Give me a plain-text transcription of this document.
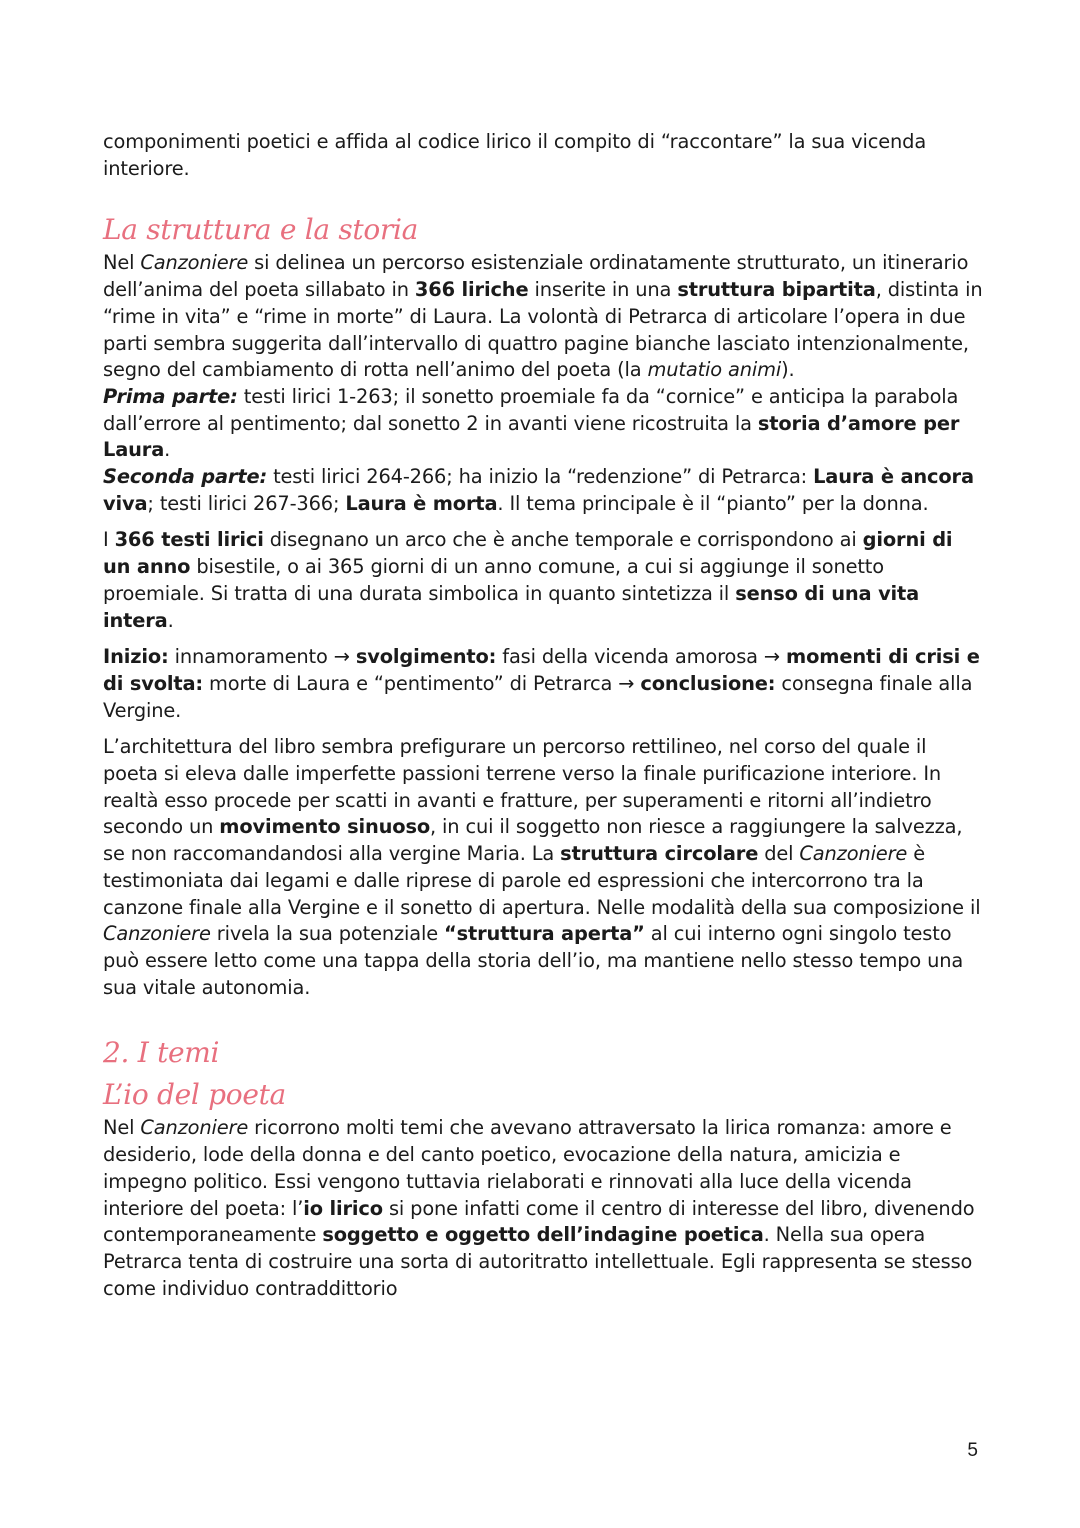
componimenti poetici e affida al codice lirico il compito di “raccontare” la sua vicenda interiore.

La struttura e la storia

Nel Canzoniere si delinea un percorso esistenziale ordinatamente strutturato, un itinerario dell’anima del poeta sillabato in 366 liriche inserite in una struttura bipartita, distinta in “rime in vita” e “rime in morte” di Laura. La volontà di Petrarca di articolare l’opera in due parti sembra suggerita dall’intervallo di quattro pagine bianche lasciato intenzionalmente, segno del cambiamento di rotta nell’animo del poeta (la mutatio animi).

Prima parte: testi lirici 1-263; il sonetto proemiale fa da “cornice” e anticipa la parabola dall’errore al pentimento; dal sonetto 2 in avanti viene ricostruita la storia d’amore per Laura.

Seconda parte: testi lirici 264-266; ha inizio la “redenzione” di Petrarca: Laura è ancora viva; testi lirici 267-366; Laura è morta. Il tema principale è il “pianto” per la donna.

I 366 testi lirici disegnano un arco che è anche temporale e corrispondono ai giorni di un anno bisestile, o ai 365 giorni di un anno comune, a cui si aggiunge il sonetto proemiale. Si tratta di una durata simbolica in quanto sintetizza il senso di una vita intera.

Inizio: innamoramento → svolgimento: fasi della vicenda amorosa → momenti di crisi e di svolta: morte di Laura e “pentimento” di Petrarca → conclusione: consegna finale alla Vergine.

L’architettura del libro sembra prefigurare un percorso rettilineo, nel corso del quale il poeta si eleva dalle imperfette passioni terrene verso la finale purificazione interiore. In realtà esso procede per scatti in avanti e fratture, per superamenti e ritorni all’indietro secondo un movimento sinuoso, in cui il soggetto non riesce a raggiungere la salvezza, se non raccomandandosi alla vergine Maria. La struttura circolare del Canzoniere è testimoniata dai legami e dalle riprese di parole ed espressioni che intercorrono tra la canzone finale alla Vergine e il sonetto di apertura. Nelle modalità della sua composizione il Canzoniere rivela la sua potenziale “struttura aperta” al cui interno ogni singolo testo può essere letto come una tappa della storia dell’io, ma mantiene nello stesso tempo una sua vitale autonomia.

2. I temi
L’io del poeta

Nel Canzoniere ricorrono molti temi che avevano attraversato la lirica romanza: amore e desiderio, lode della donna e del canto poetico, evocazione della natura, amicizia e impegno politico. Essi vengono tuttavia rielaborati e rinnovati alla luce della vicenda interiore del poeta: l’io lirico si pone infatti come il centro di interesse del libro, divenendo contemporaneamente soggetto e oggetto dell’indagine poetica. Nella sua opera Petrarca tenta di costruire una sorta di autoritratto intellettuale. Egli rappresenta se stesso come individuo contraddittorio

5
